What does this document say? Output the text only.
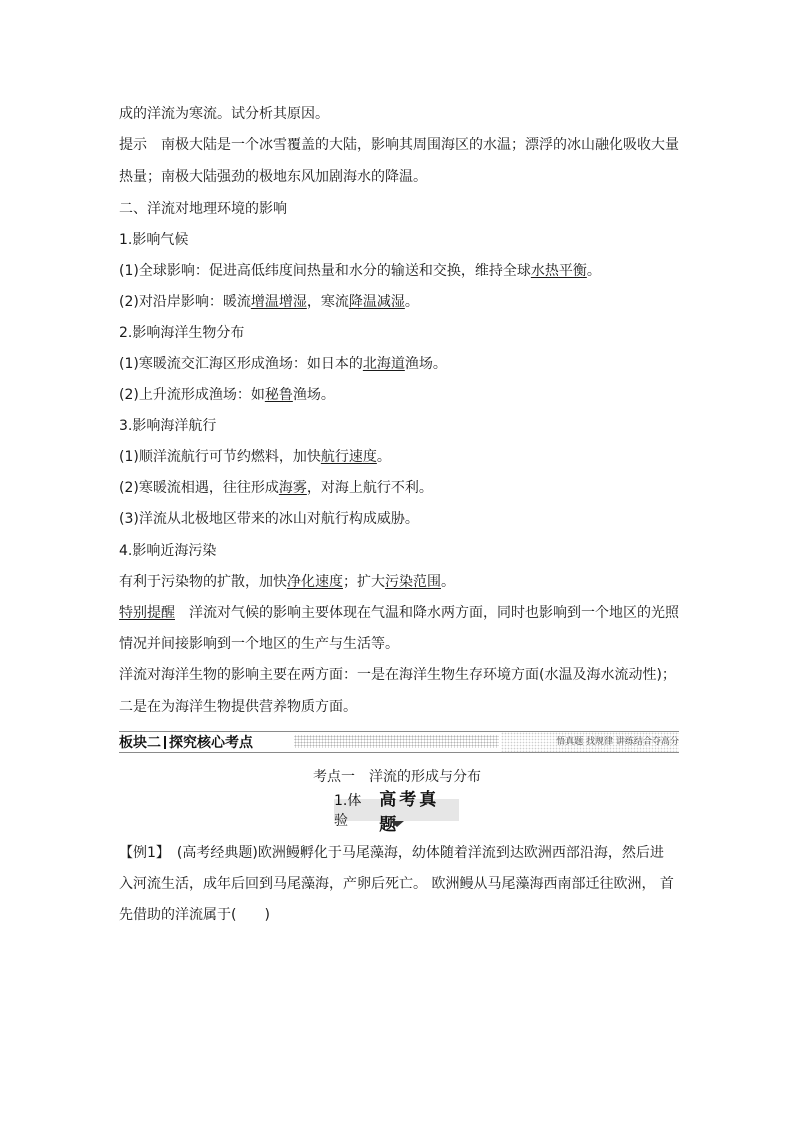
成的洋流为寒流。试分析其原因。
提示　南极大陆是一个冰雪覆盖的大陆，影响其周围海区的水温；漂浮的冰山融化吸收大量
热量；南极大陆强劲的极地东风加剧海水的降温。
二、洋流对地理环境的影响
1.影响气候
(1)全球影响：促进高低纬度间热量和水分的输送和交换，维持全球水热平衡。
(2)对沿岸影响：暖流增温增湿，寒流降温减湿。
2.影响海洋生物分布
(1)寒暖流交汇海区形成渔场：如日本的北海道渔场。
(2)上升流形成渔场：如秘鲁渔场。
3.影响海洋航行
(1)顺洋流航行可节约燃料，加快航行速度。
(2)寒暖流相遇，往往形成海雾，对海上航行不利。
(3)洋流从北极地区带来的冰山对航行构成威胁。
4.影响近海污染
有利于污染物的扩散，加快净化速度；扩大污染范围。
特别提醒　洋流对气候的影响主要体现在气温和降水两方面，同时也影响到一个地区的光照
情况并间接影响到一个地区的生产与生活等。
洋流对海洋生物的影响主要在两方面：一是在海洋生物生存环境方面(水温及海水流动性)；
二是在为海洋生物提供营养物质方面。
板块二 探究核心考点	悟真题 找规律 讲练结合夺高分
考点一　洋流的形成与分布
1.体验
高考真题
【例1】　(高考经典题)欧洲鳗孵化于马尾藻海，幼体随着洋流到达欧洲西部沿海，然后进
入河流生活，成年后回到马尾藻海，产卵后死亡。 欧洲鳗从马尾藻海西南部迁往欧洲， 首
先借助的洋流属于(　　)
